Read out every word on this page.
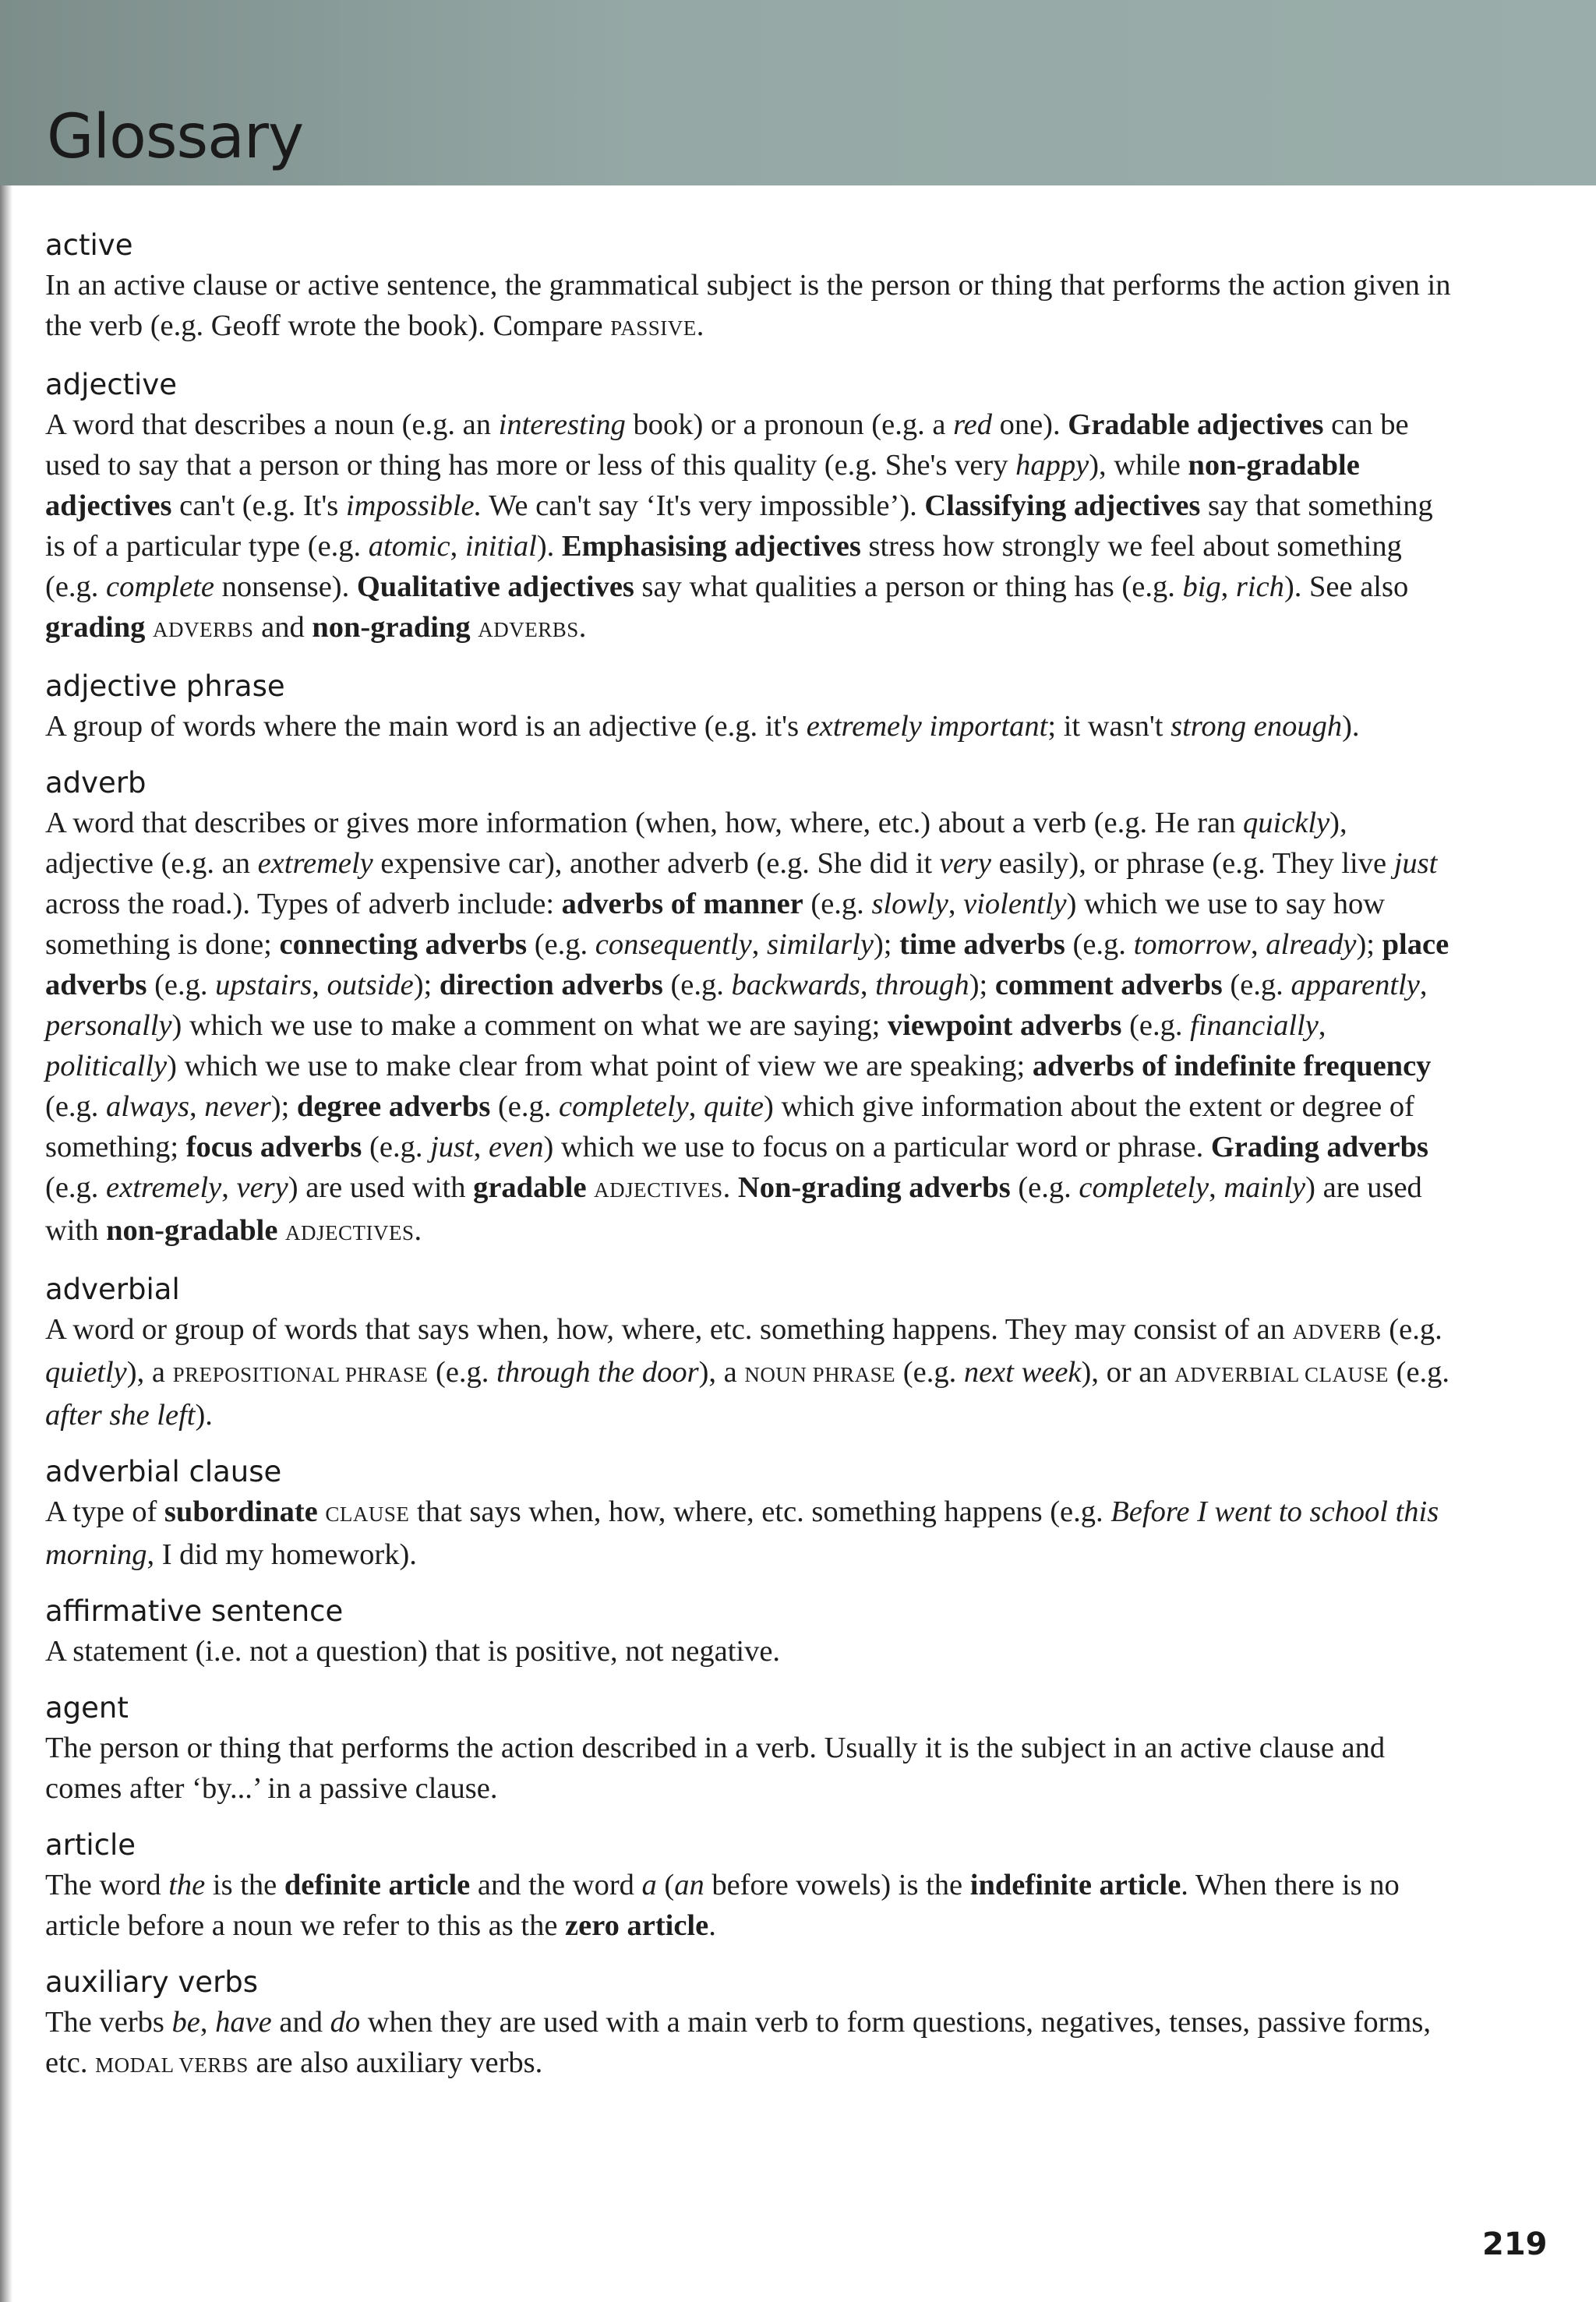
Glossary
active
In an active clause or active sentence, the grammatical subject is the person or thing that performs the action given in the verb (e.g. Geoff wrote the book). Compare PASSIVE.
adjective
A word that describes a noun (e.g. an interesting book) or a pronoun (e.g. a red one). Gradable adjectives can be used to say that a person or thing has more or less of this quality (e.g. She's very happy), while non-gradable adjectives can't (e.g. It's impossible. We can't say ‘It's very impossible’). Classifying adjectives say that something is of a particular type (e.g. atomic, initial). Emphasising adjectives stress how strongly we feel about something (e.g. complete nonsense). Qualitative adjectives say what qualities a person or thing has (e.g. big, rich). See also grading ADVERBS and non-grading ADVERBS.
adjective phrase
A group of words where the main word is an adjective (e.g. it's extremely important; it wasn't strong enough).
adverb
A word that describes or gives more information (when, how, where, etc.) about a verb (e.g. He ran quickly), adjective (e.g. an extremely expensive car), another adverb (e.g. She did it very easily), or phrase (e.g. They live just across the road.). Types of adverb include: adverbs of manner (e.g. slowly, violently) which we use to say how something is done; connecting adverbs (e.g. consequently, similarly); time adverbs (e.g. tomorrow, already); place adverbs (e.g. upstairs, outside); direction adverbs (e.g. backwards, through); comment adverbs (e.g. apparently, personally) which we use to make a comment on what we are saying; viewpoint adverbs (e.g. financially, politically) which we use to make clear from what point of view we are speaking; adverbs of indefinite frequency (e.g. always, never); degree adverbs (e.g. completely, quite) which give information about the extent or degree of something; focus adverbs (e.g. just, even) which we use to focus on a particular word or phrase. Grading adverbs (e.g. extremely, very) are used with gradable ADJECTIVES. Non-grading adverbs (e.g. completely, mainly) are used with non-gradable ADJECTIVES.
adverbial
A word or group of words that says when, how, where, etc. something happens. They may consist of an ADVERB (e.g. quietly), a PREPOSITIONAL PHRASE (e.g. through the door), a NOUN PHRASE (e.g. next week), or an ADVERBIAL CLAUSE (e.g. after she left).
adverbial clause
A type of subordinate CLAUSE that says when, how, where, etc. something happens (e.g. Before I went to school this morning, I did my homework).
affirmative sentence
A statement (i.e. not a question) that is positive, not negative.
agent
The person or thing that performs the action described in a verb. Usually it is the subject in an active clause and comes after ‘by...’ in a passive clause.
article
The word the is the definite article and the word a (an before vowels) is the indefinite article. When there is no article before a noun we refer to this as the zero article.
auxiliary verbs
The verbs be, have and do when they are used with a main verb to form questions, negatives, tenses, passive forms, etc. MODAL VERBS are also auxiliary verbs.
219
